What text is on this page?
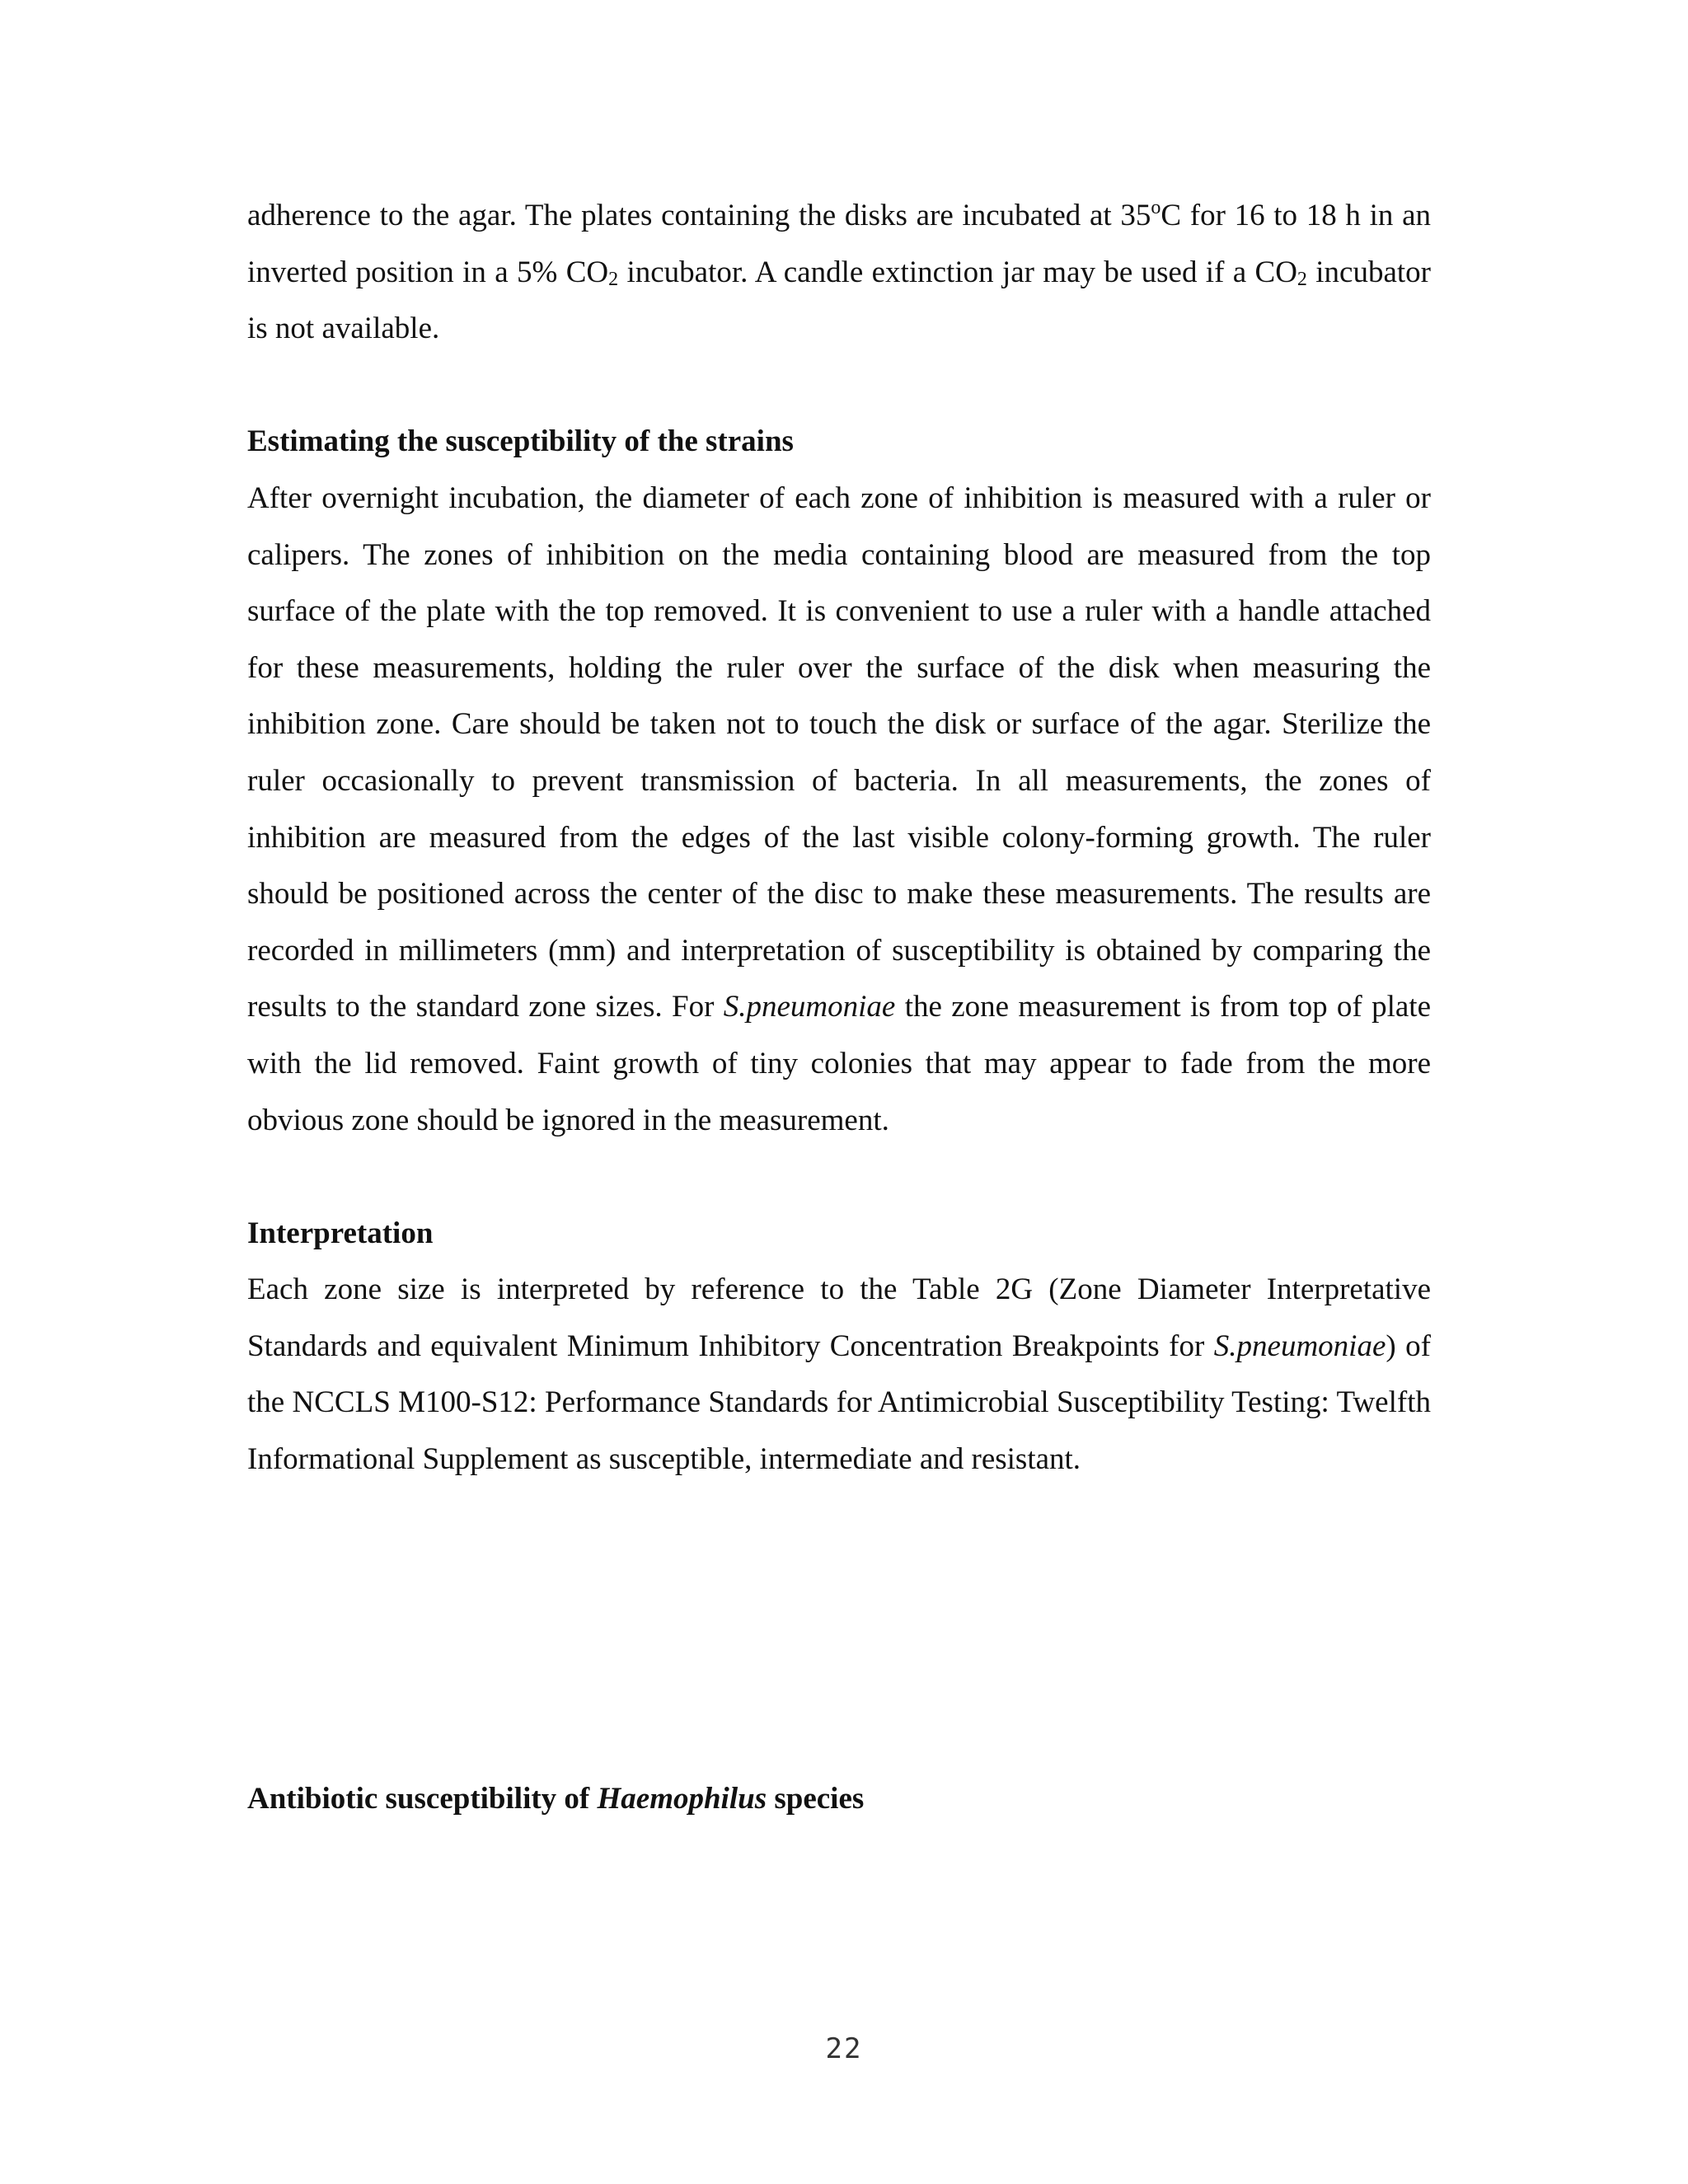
adherence to the agar. The plates containing the disks are incubated at 35$^o$C for 16 to 18 h in an inverted position in a 5% $CO_2$ incubator. A candle extinction jar may be used if a $CO_2$ incubator is not available.

Estimating the susceptibility of the strains

After overnight incubation, the diameter of each zone of inhibition is measured with a ruler or calipers. The zones of inhibition on the media containing blood are measured from the top surface of the plate with the top removed. It is convenient to use a ruler with a handle attached for these measurements, holding the ruler over the surface of the disk when measuring the inhibition zone. Care should be taken not to touch the disk or surface of the agar. Sterilize the ruler occasionally to prevent transmission of bacteria. In all measurements, the zones of inhibition are measured from the edges of the last visible colony-forming growth. The ruler should be positioned across the center of the disc to make these measurements. The results are recorded in millimeters (mm) and interpretation of susceptibility is obtained by comparing the results to the standard zone sizes. For S.pneumoniae the zone measurement is from top of plate with the lid removed. Faint growth of tiny colonies that may appear to fade from the more obvious zone should be ignored in the measurement.

Interpretation

Each zone size is interpreted by reference to the Table 2G (Zone Diameter Interpretative Standards and equivalent Minimum Inhibitory Concentration Breakpoints for S.pneumoniae) of the NCCLS M100-S12: Performance Standards for Antimicrobial Susceptibility Testing: Twelfth Informational Supplement as susceptible, intermediate and resistant.

Antibiotic susceptibility of Haemophilus species
22
